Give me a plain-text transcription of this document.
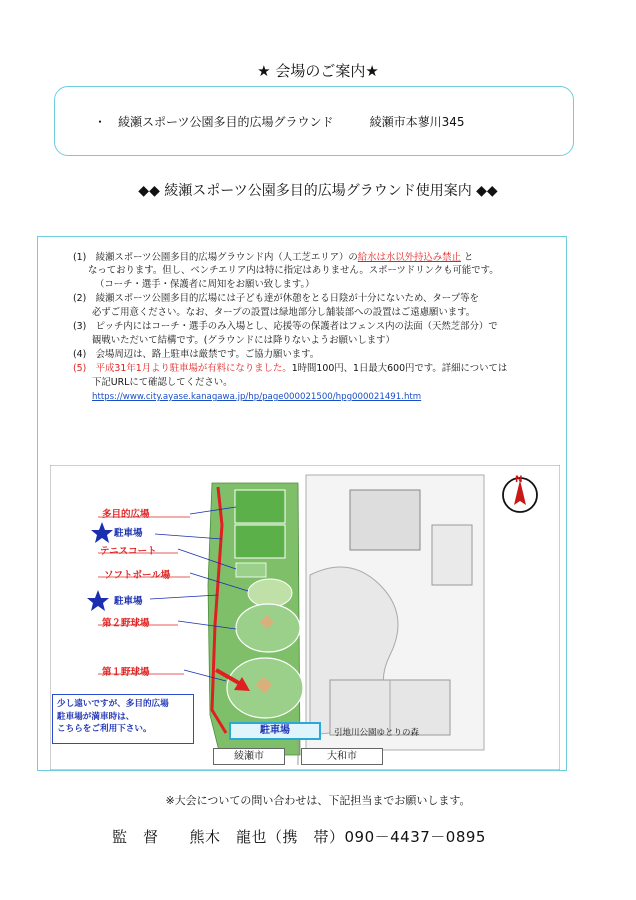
★ 会場のご案内★
・　 綾瀬スポーツ公園多目的広場グラウンド　　　	綾瀬市本蓼川345
◆◆ 綾瀬スポーツ公園多目的広場グラウンド使用案内 ◆◆
(1)　綾瀬スポーツ公園多目的広場グラウンド内（人工芝エリア）の給水は水以外持込み禁止 と
なっております。但し、ベンチエリア内は特に指定はありません。スポーツドリンクも可能です。
（コーチ・選手・保護者に周知をお願い致します。）
(2)　綾瀬スポーツ公園多目的広場には子ども達が休憩をとる日陰が十分にないため、タープ等を
必ずご用意ください。なお、タープの設置は緑地部分し舗装部への設置はご遠慮願います。
(3)　ピッチ内にはコーチ・選手のみ入場とし、応援等の保護者はフェンス内の法面（天然芝部分）で
観戦いただいて結構です。(グラウンドには降りないようお願いします）
(4)　会場周辺は、路上駐車は厳禁です。ご協力願います。
(5)　平成31年1月より駐車場が有料になりました。1時間100円、1日最大600円です。詳細については
下記URLにて確認してください。
https://www.city.ayase.kanagawa.jp/hp/page000021500/hpg000021491.htm
多目的広場
駐車場
テニスコート
ソフトボール場
駐車場
第２野球場
第１野球場
N
少し遠いですが、多目的広場
駐車場が満車時は、
こちらをご利用下さい。	駐車場	引地川公園ゆとりの森
綾瀬市	大和市
※大会についての問い合わせは、下記担当までお願いします。
監　督　　熊木　龍也（携　帯）090－4437－0895
